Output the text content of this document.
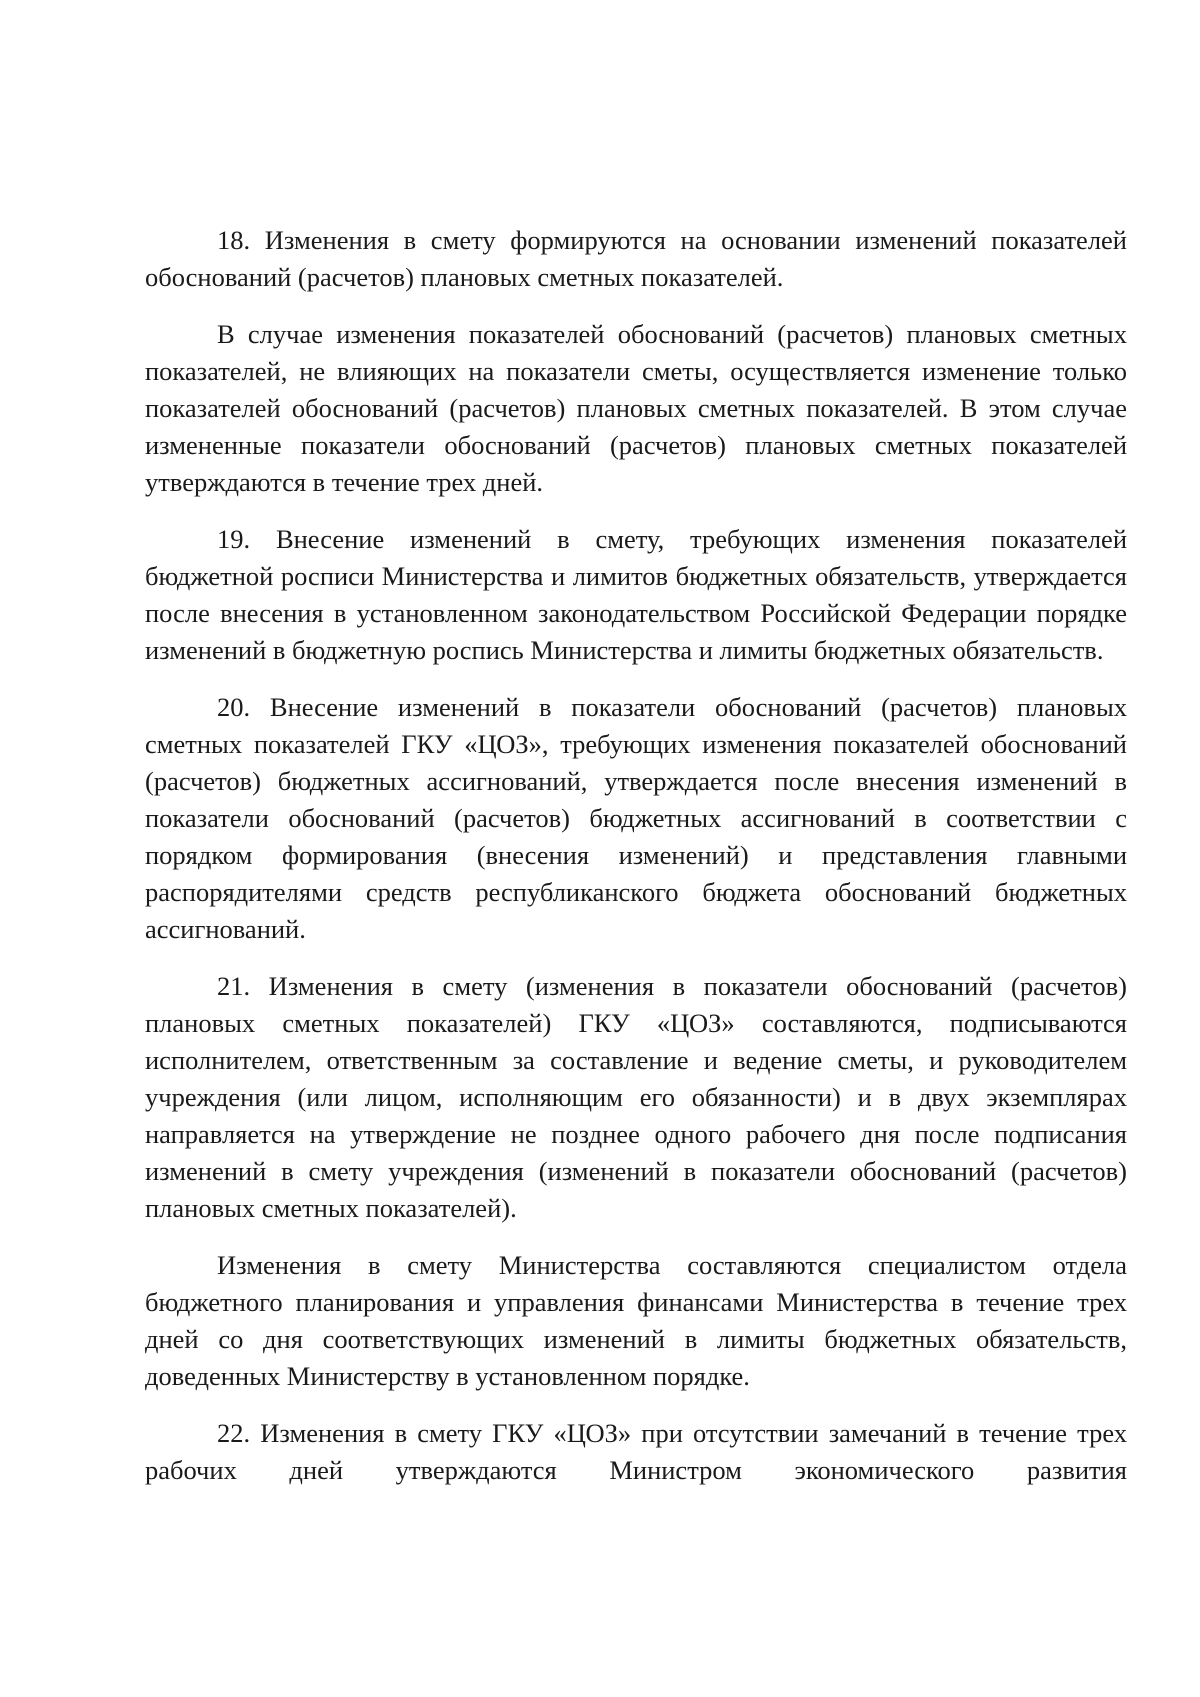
18. Изменения в смету формируются на основании изменений показателей обоснований (расчетов) плановых сметных показателей.

В случае изменения показателей обоснований (расчетов) плановых сметных показателей, не влияющих на показатели сметы, осуществляется изменение только показателей обоснований (расчетов) плановых сметных показателей. В этом случае измененные показатели обоснований (расчетов) плановых сметных показателей утверждаются в течение трех дней.

19. Внесение изменений в смету, требующих изменения показателей бюджетной росписи Министерства и лимитов бюджетных обязательств, утверждается после внесения в установленном законодательством Российской Федерации порядке изменений в бюджетную роспись Министерства и лимиты бюджетных обязательств.

20. Внесение изменений в показатели обоснований (расчетов) плановых сметных показателей ГКУ «ЦОЗ», требующих изменения показателей обоснований (расчетов) бюджетных ассигнований, утверждается после внесения изменений в показатели обоснований (расчетов) бюджетных ассигнований в соответствии с порядком формирования (внесения изменений) и представления главными распорядителями средств республиканского бюджета обоснований бюджетных ассигнований.

21. Изменения в смету (изменения в показатели обоснований (расчетов) плановых сметных показателей) ГКУ «ЦОЗ» составляются, подписываются исполнителем, ответственным за составление и ведение сметы, и руководителем учреждения (или лицом, исполняющим его обязанности) и в двух экземплярах направляется на утверждение не позднее одного рабочего дня после подписания изменений в смету учреждения (изменений в показатели обоснований (расчетов) плановых сметных показателей).

Изменения в смету Министерства составляются специалистом отдела бюджетного планирования и управления финансами Министерства в течение трех дней со дня соответствующих изменений в лимиты бюджетных обязательств, доведенных Министерству в установленном порядке.

22. Изменения в смету ГКУ «ЦОЗ» при отсутствии замечаний в течение трех рабочих дней утверждаются Министром экономического развития
